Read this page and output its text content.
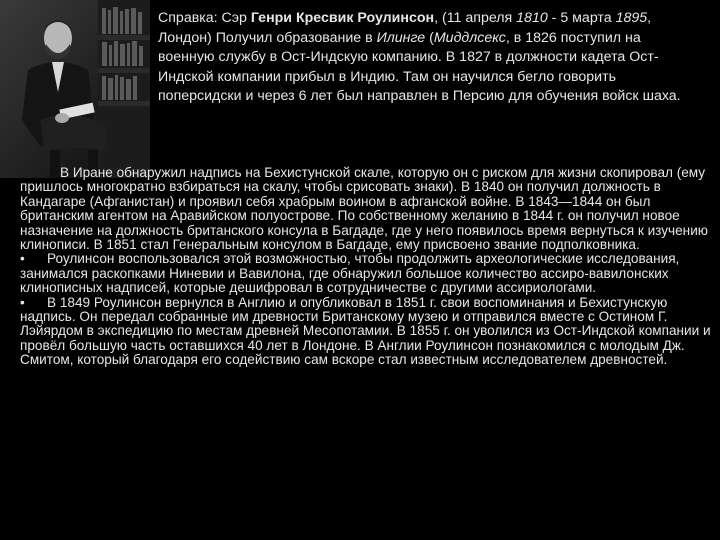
Справка: Сэр Генри Кресвик Роулинсон, (11 апреля 1810 - 5 марта 1895, Лондон) Получил образование в Илинге (Миддлсекс, в 1826 поступил на военную службу в Ост-Индскую компанию. В 1827 в должности кадета Ост-Индской компании прибыл в Индию. Там он научился бегло говорить поперсидски и через 6 лет был направлен в Персию для обучения войск шаха.

В Иране обнаружил надпись на Бехистунской скале, которую он с риском для жизни скопировал (ему пришлось многократно взбираться на скалу, чтобы срисовать знаки). В 1840 он получил должность в Кандагаре (Афганистан) и проявил себя храбрым воином в афганской войне. В 1843—1844 он был британским агентом на Аравийском полуострове. По собственному желанию в 1844 г. он получил новое назначение на должность британского консула в Багдаде, где у него появилось время вернуться к изучению клинописи. В 1851 стал Генеральным консулом в Багдаде, ему присвоено звание подполковника.

• Роулинсон воспользовался этой возможностью, чтобы продолжить археологические исследования, занимался раскопками Ниневии и Вавилона, где обнаружил большое количество ассиро-вавилонских клинописных надписей, которые дешифровал в сотрудничестве с другими ассириологами.

• В 1849 Роулинсон вернулся в Англию и опубликовал в 1851 г. свои воспоминания и Бехистунскую надпись. Он передал собранные им древности Британскому музею и отправился вместе с Остином Г. Лэйярдом в экспедицию по местам древней Месопотамии. В 1855 г. он уволился из Ост-Индской компании и провёл большую часть оставшихся 40 лет в Лондоне. В Англии Роулинсон познакомился с молодым Дж. Смитом, который благодаря его содействию сам вскоре стал известным исследователем древностей.
